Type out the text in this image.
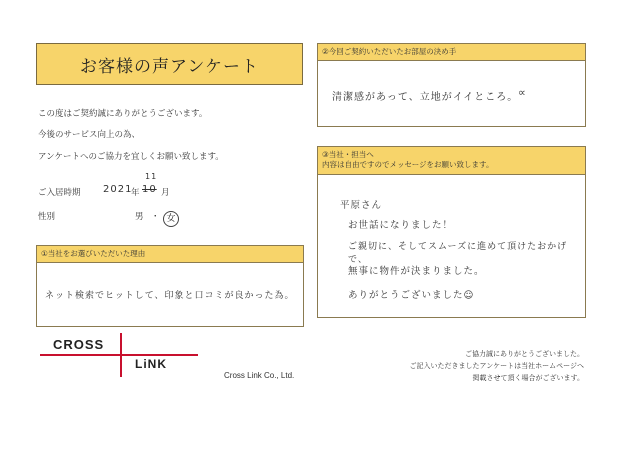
お客様の声アンケート
この度はご契約誠にありがとうございます。
今後のサービス向上の為、
アンケートへのご協力を宜しくお願い致します。
ご入居時期 2021
年
11
10 月
性別	男 ・ 女
①当社をお選びいただいた理由
ネット検索でヒットして、印象と口コミが良かった為。
②今回ご契約いただいたお部屋の決め手
清潔感があって、立地がイイところ。 ∝
③当社・担当へ
内容は自由ですのでメッセージをお願い致します。
平原さん
お世話になりました！
ご親切に、そしてスムーズに進めて頂けたおかげで、
無事に物件が決まりました。
ありがとうございました☺
CROSS
LiNK
Cross Link Co., Ltd.
ご協力誠にありがとうございました。
ご記入いただきましたアンケートは当社ホームページへ
掲載させて頂く場合がございます。
